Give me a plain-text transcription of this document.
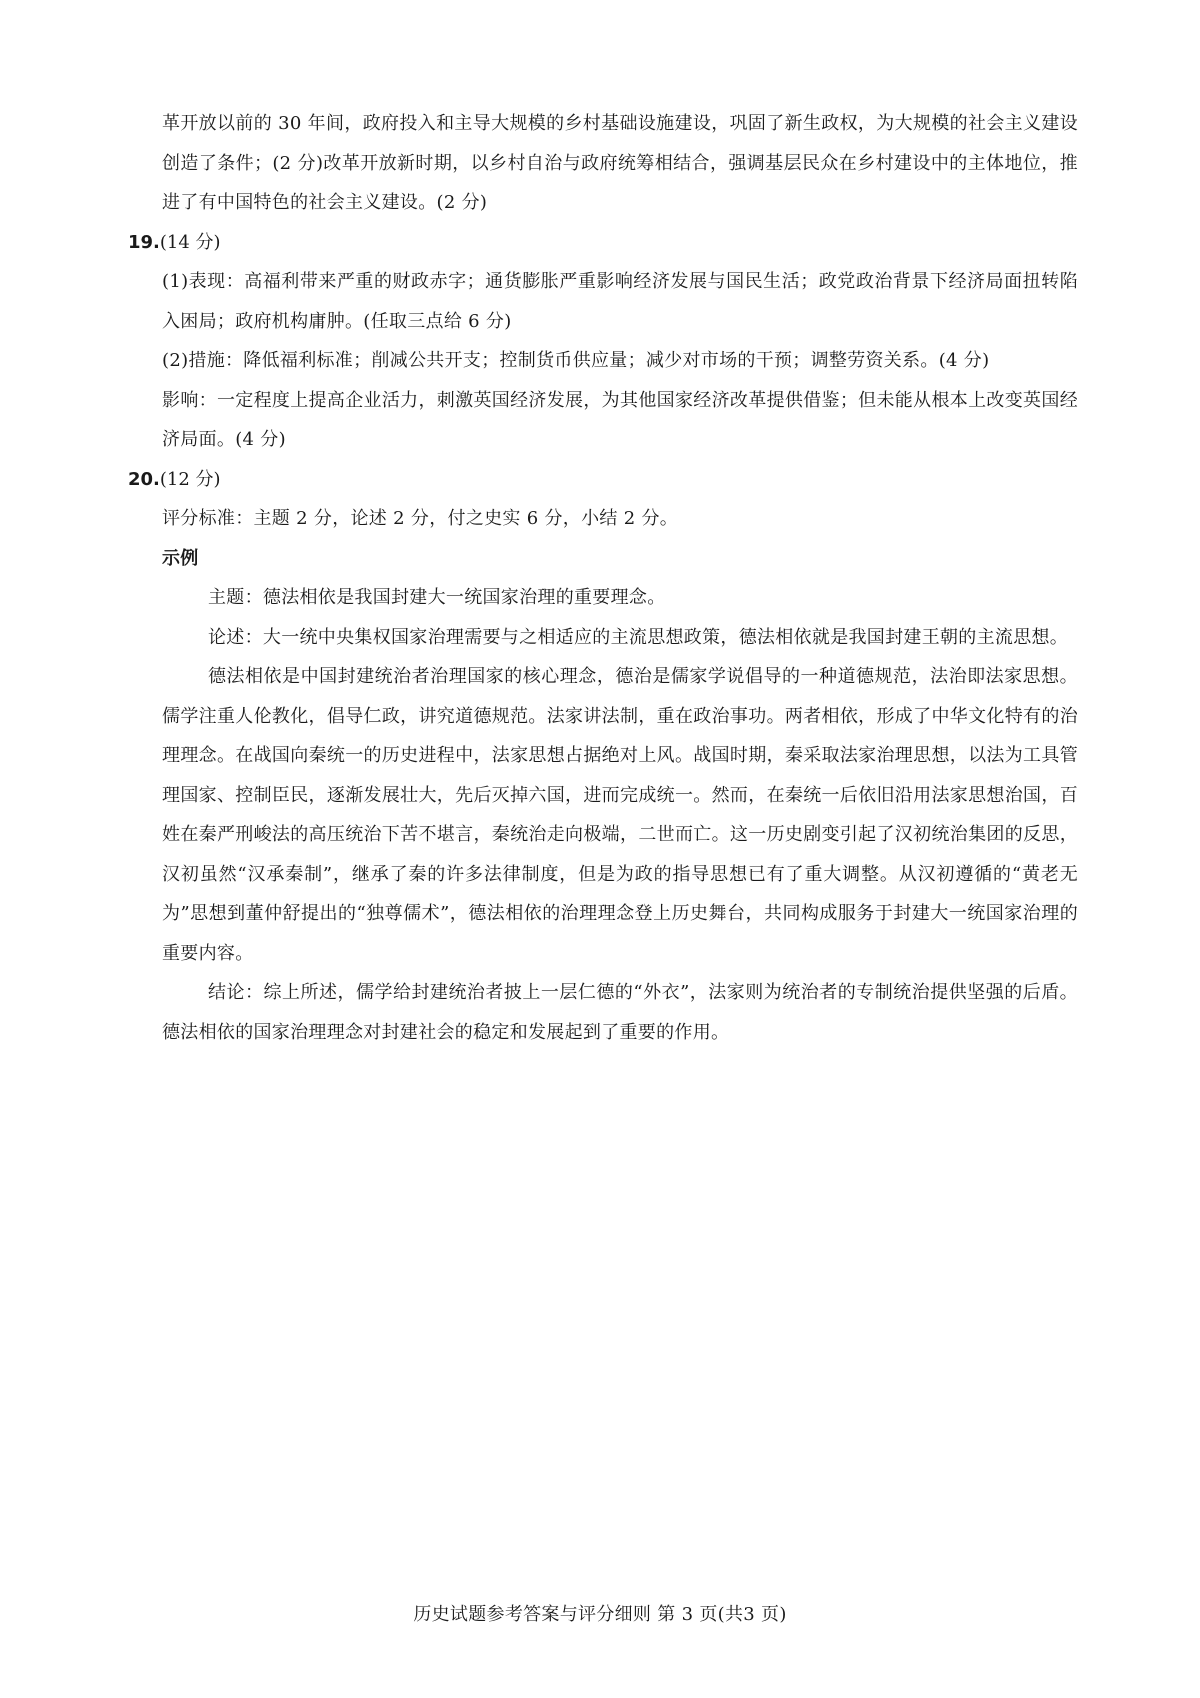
革开放以前的 30 年间，政府投入和主导大规模的乡村基础设施建设，巩固了新生政权，为大规模的社会主义建设创造了条件；(2 分)改革开放新时期，以乡村自治与政府统筹相结合，强调基层民众在乡村建设中的主体地位，推进了有中国特色的社会主义建设。(2 分)

19.(14 分)

(1)表现：高福利带来严重的财政赤字；通货膨胀严重影响经济发展与国民生活；政党政治背景下经济局面扭转陷入困局；政府机构庸肿。(任取三点给 6 分)

(2)措施：降低福利标准；削减公共开支；控制货币供应量；减少对市场的干预；调整劳资关系。(4 分)

影响：一定程度上提高企业活力，刺激英国经济发展，为其他国家经济改革提供借鉴；但未能从根本上改变英国经济局面。(4 分)

20.(12 分)

评分标准：主题 2 分，论述 2 分，付之史实 6 分，小结 2 分。

示例

主题：德法相依是我国封建大一统国家治理的重要理念。

论述：大一统中央集权国家治理需要与之相适应的主流思想政策，德法相依就是我国封建王朝的主流思想。

德法相依是中国封建统治者治理国家的核心理念，德治是儒家学说倡导的一种道德规范，法治即法家思想。儒学注重人伦教化，倡导仁政，讲究道德规范。法家讲法制，重在政治事功。两者相依，形成了中华文化特有的治理理念。在战国向秦统一的历史进程中，法家思想占据绝对上风。战国时期，秦采取法家治理思想，以法为工具管理国家、控制臣民，逐渐发展壮大，先后灭掉六国，进而完成统一。然而，在秦统一后依旧沿用法家思想治国，百姓在秦严刑峻法的高压统治下苦不堪言，秦统治走向极端，二世而亡。这一历史剧变引起了汉初统治集团的反思，汉初虽然“汉承秦制”，继承了秦的许多法律制度，但是为政的指导思想已有了重大调整。从汉初遵循的“黄老无为”思想到董仲舒提出的“独尊儒术”，德法相依的治理理念登上历史舞台，共同构成服务于封建大一统国家治理的重要内容。

结论：综上所述，儒学给封建统治者披上一层仁德的“外衣”，法家则为统治者的专制统治提供坚强的后盾。德法相依的国家治理理念对封建社会的稳定和发展起到了重要的作用。

历史试题参考答案与评分细则 第 3 页(共3 页)
